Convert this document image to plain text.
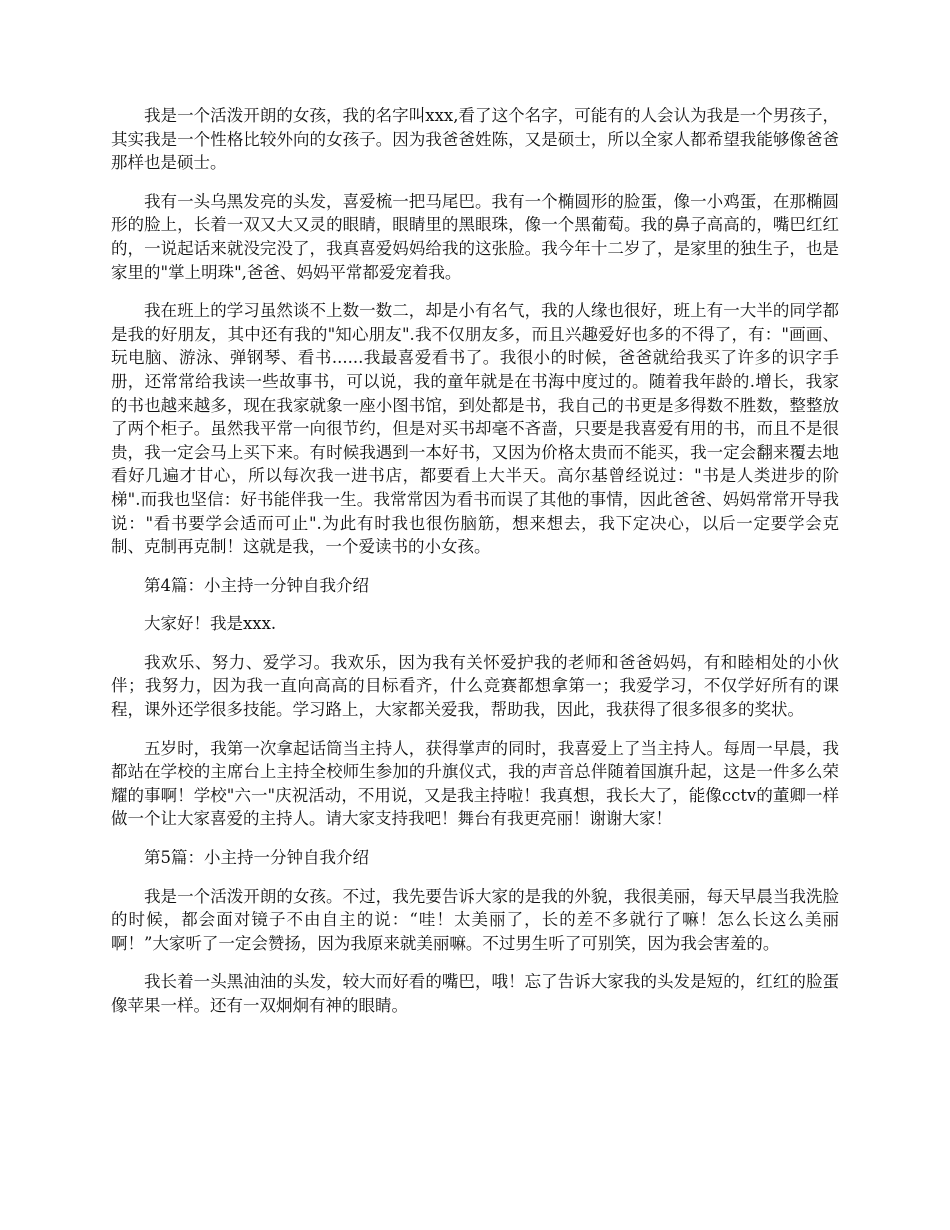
我是一个活泼开朗的女孩，我的名字叫xxx,看了这个名字，可能有的人会认为我是一个男孩子，其实我是一个性格比较外向的女孩子。因为我爸爸姓陈，又是硕士，所以全家人都希望我能够像爸爸那样也是硕士。

我有一头乌黑发亮的头发，喜爱梳一把马尾巴。我有一个椭圆形的脸蛋，像一小鸡蛋，在那椭圆形的脸上，长着一双又大又灵的眼睛，眼睛里的黑眼珠，像一个黑葡萄。我的鼻子高高的，嘴巴红红的，一说起话来就没完没了，我真喜爱妈妈给我的这张脸。我今年十二岁了，是家里的独生子，也是家里的"掌上明珠",爸爸、妈妈平常都爱宠着我。

我在班上的学习虽然谈不上数一数二，却是小有名气，我的人缘也很好，班上有一大半的同学都是我的好朋友，其中还有我的"知心朋友".我不仅朋友多，而且兴趣爱好也多的不得了，有："画画、玩电脑、游泳、弹钢琴、看书......我最喜爱看书了。我很小的时候，爸爸就给我买了许多的识字手册，还常常给我读一些故事书，可以说，我的童年就是在书海中度过的。随着我年龄的.增长，我家的书也越来越多，现在我家就象一座小图书馆，到处都是书，我自己的书更是多得数不胜数，整整放了两个柜子。虽然我平常一向很节约，但是对买书却毫不吝啬，只要是我喜爱有用的书，而且不是很贵，我一定会马上买下来。有时候我遇到一本好书，又因为价格太贵而不能买，我一定会翻来覆去地看好几遍才甘心，所以每次我一进书店，都要看上大半天。高尔基曾经说过："书是人类进步的阶梯".而我也坚信：好书能伴我一生。我常常因为看书而误了其他的事情，因此爸爸、妈妈常常开导我说："看书要学会适而可止".为此有时我也很伤脑筋，想来想去，我下定决心，以后一定要学会克制、克制再克制！这就是我，一个爱读书的小女孩。

第4篇：小主持一分钟自我介绍

大家好！我是xxx.

我欢乐、努力、爱学习。我欢乐，因为我有关怀爱护我的老师和爸爸妈妈，有和睦相处的小伙伴；我努力，因为我一直向高高的目标看齐，什么竞赛都想拿第一；我爱学习，不仅学好所有的课程，课外还学很多技能。学习路上，大家都关爱我，帮助我，因此，我获得了很多很多的奖状。

五岁时，我第一次拿起话筒当主持人，获得掌声的同时，我喜爱上了当主持人。每周一早晨，我都站在学校的主席台上主持全校师生参加的升旗仪式，我的声音总伴随着国旗升起，这是一件多么荣耀的事啊！学校"六一"庆祝活动，不用说，又是我主持啦！我真想，我长大了，能像cctv的董卿一样做一个让大家喜爱的主持人。请大家支持我吧！舞台有我更亮丽！谢谢大家！

第5篇：小主持一分钟自我介绍

我是一个活泼开朗的女孩。不过，我先要告诉大家的是我的外貌，我很美丽，每天早晨当我洗脸的时候，都会面对镜子不由自主的说：“哇！太美丽了，长的差不多就行了嘛！怎么长这么美丽啊！”大家听了一定会赞扬，因为我原来就美丽嘛。不过男生听了可别笑，因为我会害羞的。

我长着一头黑油油的头发，较大而好看的嘴巴，哦！忘了告诉大家我的头发是短的，红红的脸蛋像苹果一样。还有一双炯炯有神的眼睛。
